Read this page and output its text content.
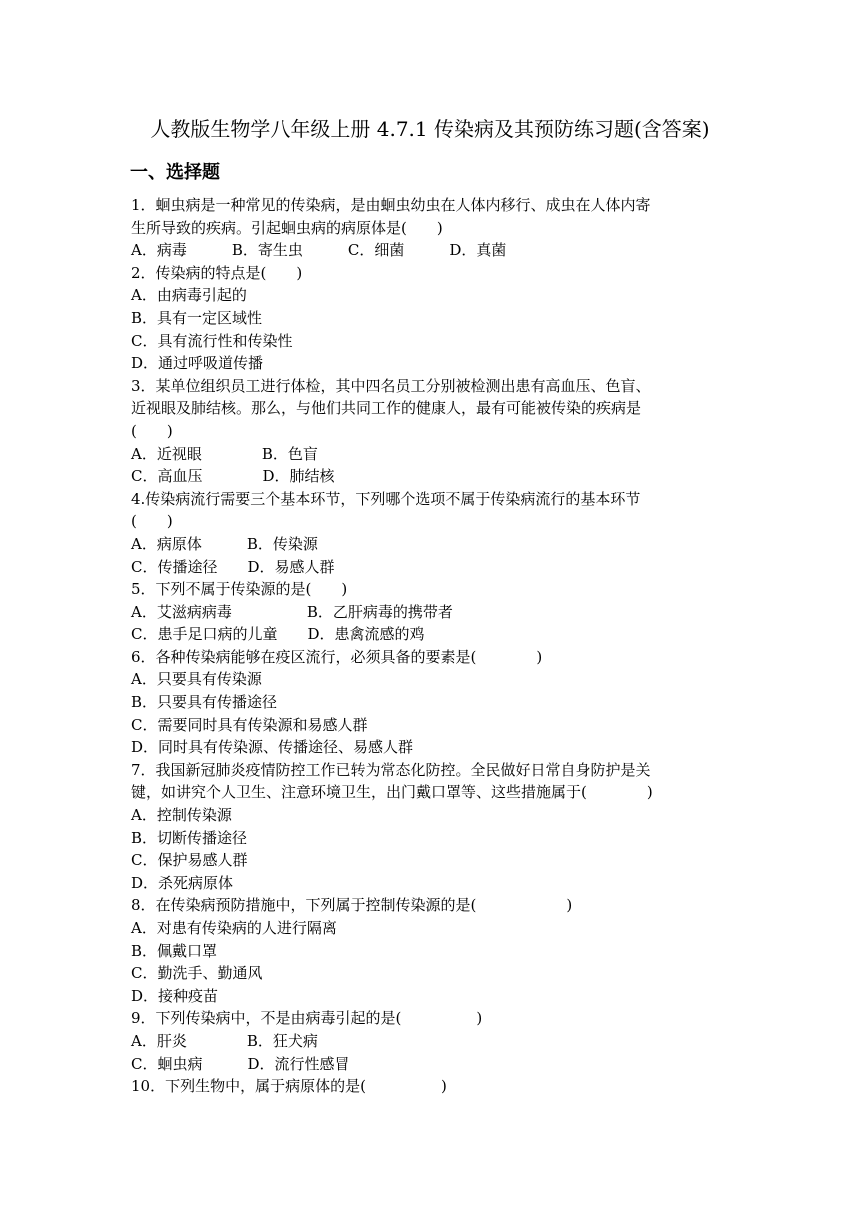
人教版生物学八年级上册 4.7.1 传染病及其预防练习题(含答案)
一、选择题
1．蛔虫病是一种常见的传染病，是由蛔虫幼虫在人体内移行、成虫在人体内寄
生所导致的疾病。引起蛔虫病的病原体是(　　)
A．病毒　　　B．寄生虫　　　C．细菌　　　D．真菌
2．传染病的特点是(　　)
A．由病毒引起的
B．具有一定区域性
C．具有流行性和传染性
D．通过呼吸道传播
3．某单位组织员工进行体检，其中四名员工分别被检测出患有高血压、色盲、
近视眼及肺结核。那么，与他们共同工作的健康人，最有可能被传染的疾病是
(　　)
A．近视眼　　　　B．色盲
C．高血压　　　　D．肺结核
4.传染病流行需要三个基本环节，下列哪个选项不属于传染病流行的基本环节
(　　)
A．病原体　　　B．传染源
C．传播途径　　D．易感人群
5．下列不属于传染源的是(　　)
A．艾滋病病毒　　　　　B．乙肝病毒的携带者
C．患手足口病的儿童　　D．患禽流感的鸡
6．各种传染病能够在疫区流行，必须具备的要素是(　　　　)
A．只要具有传染源
B．只要具有传播途径
C．需要同时具有传染源和易感人群
D．同时具有传染源、传播途径、易感人群
7．我国新冠肺炎疫情防控工作已转为常态化防控。全民做好日常自身防护是关
键，如讲究个人卫生、注意环境卫生，出门戴口罩等、这些措施属于(　　　　)
A．控制传染源
B．切断传播途径
C．保护易感人群
D．杀死病原体
8．在传染病预防措施中，下列属于控制传染源的是(　　　　　　)
A．对患有传染病的人进行隔离
B．佩戴口罩
C．勤洗手、勤通风
D．接种疫苗
9．下列传染病中，不是由病毒引起的是(　　　　　)
A．肝炎　　　　B．狂犬病
C．蛔虫病　　　D．流行性感冒
10．下列生物中，属于病原体的是(　　　　　)
